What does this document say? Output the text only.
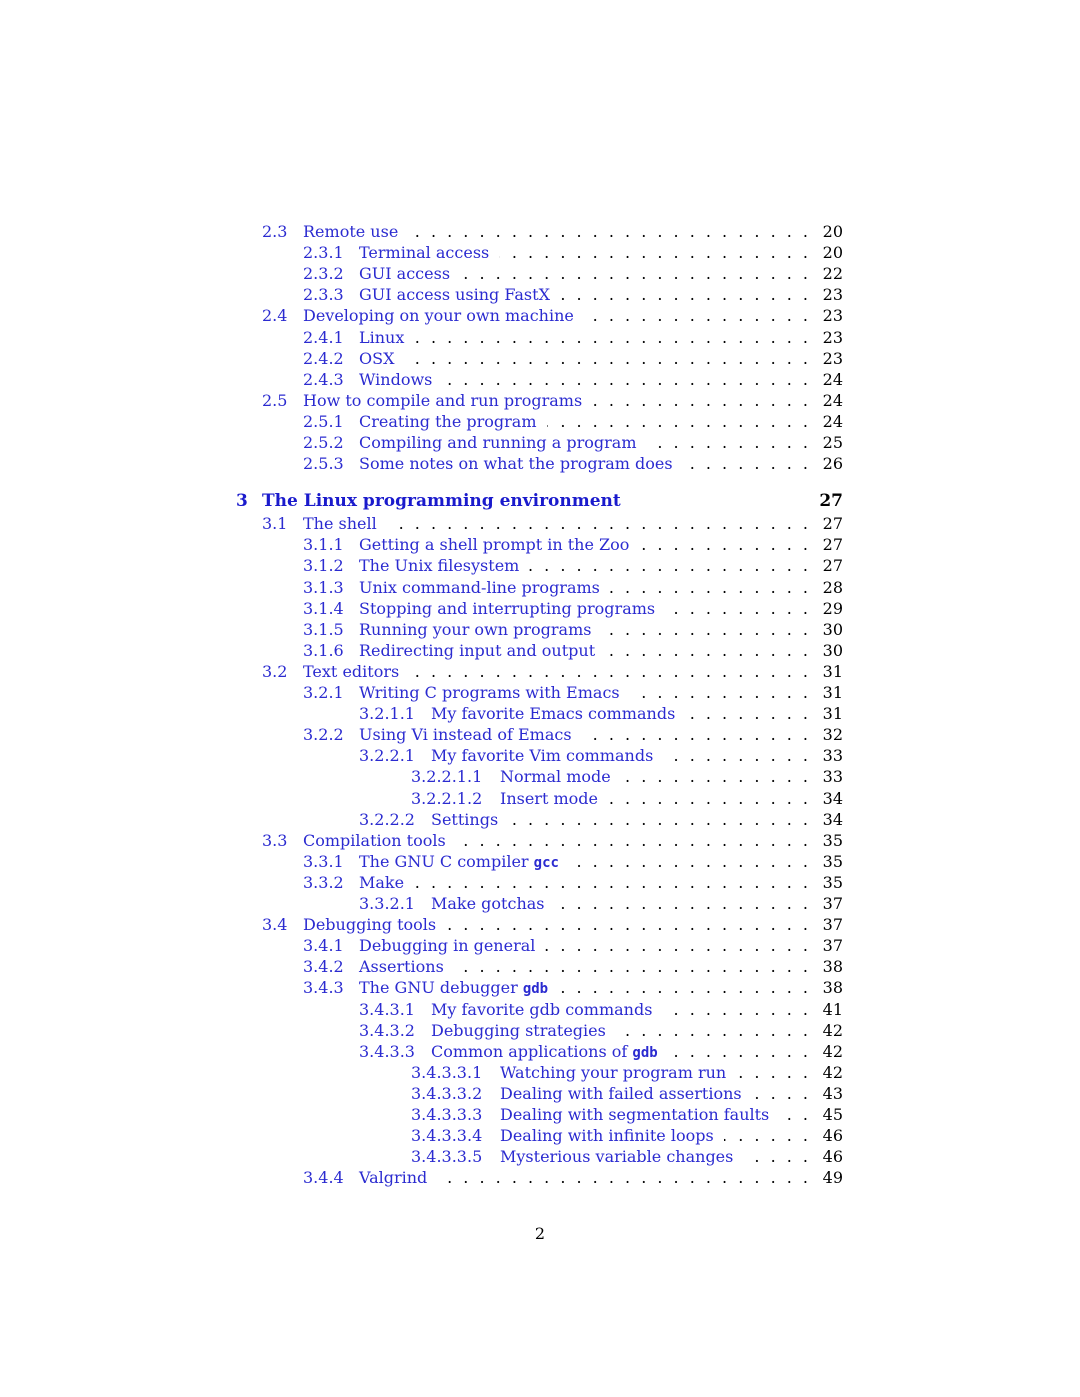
2.3 Remote use . . .	20
2.3.1 Terminal access . . .	20
2.3.2 GUI access . . .	22
2.3.3 GUI access using FastX . . .	23
2.4 Developing on your own machine . . .	23
2.4.1 Linux . . .	23
2.4.2 OSX . . .	23
2.4.3 Windows . . .	24
2.5 How to compile and run programs . . .	24
2.5.1 Creating the program . . .	24
2.5.2 Compiling and running a program . . .	25
2.5.3 Some notes on what the program does . . .	26
3 The Linux programming environment	27
3.1 The shell . . .	27
3.1.1 Getting a shell prompt in the Zoo . . .	27
3.1.2 The Unix filesystem . . .	27
3.1.3 Unix command-line programs . . .	28
3.1.4 Stopping and interrupting programs . . .	29
3.1.5 Running your own programs . . .	30
3.1.6 Redirecting input and output . . .	30
3.2 Text editors . . .	31
3.2.1 Writing C programs with Emacs . . .	31
3.2.1.1 My favorite Emacs commands . . .	31
3.2.2 Using Vi instead of Emacs . . .	32
3.2.2.1 My favorite Vim commands . . .	33
3.2.2.1.1 Normal mode . . .	33
3.2.2.1.2 Insert mode . . .	34
3.2.2.2 Settings . . .	34
3.3 Compilation tools . . .	35
3.3.1 The GNU C compiler gcc . . .	35
3.3.2 Make . . .	35
3.3.2.1 Make gotchas . . .	37
3.4 Debugging tools . . .	37
3.4.1 Debugging in general . . .	37
3.4.2 Assertions . . .	38
3.4.3 The GNU debugger gdb . . .	38
3.4.3.1 My favorite gdb commands . . .	41
3.4.3.2 Debugging strategies . . .	42
3.4.3.3 Common applications of gdb . . .	42
3.4.3.3.1 Watching your program run . . .	42
3.4.3.3.2 Dealing with failed assertions . . .	43
3.4.3.3.3 Dealing with segmentation faults . . .	45
3.4.3.3.4 Dealing with infinite loops . . .	46
3.4.3.3.5 Mysterious variable changes . . .	46
3.4.4 Valgrind . . .	49
2
